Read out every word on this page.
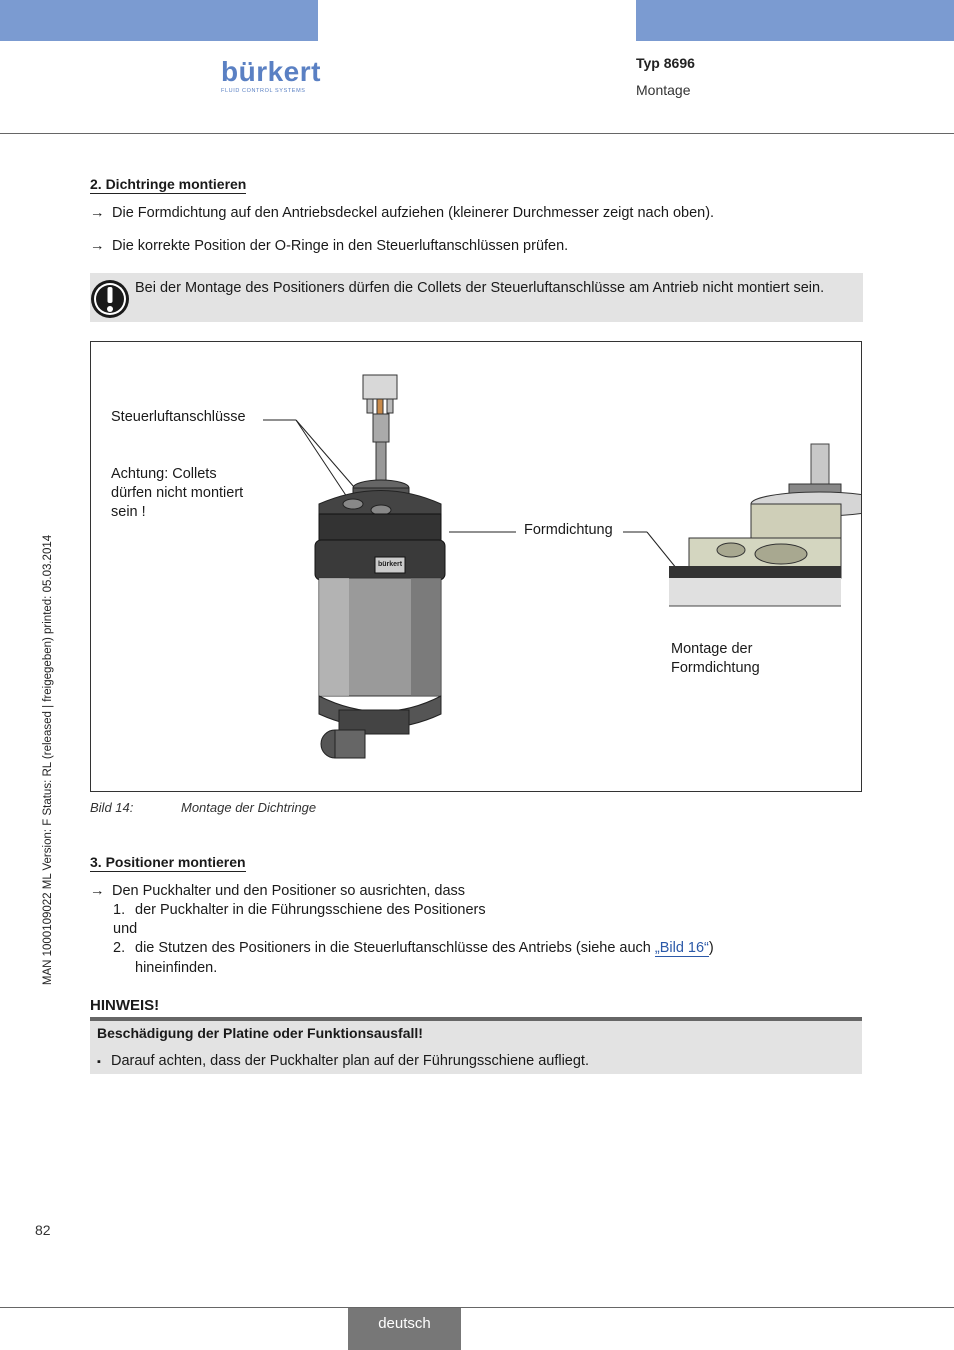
bürkert
FLUID CONTROL SYSTEMS
Typ 8696
Montage
2. Dichtringe montieren
→ Die Formdichtung auf den Antriebsdeckel aufziehen (kleinerer Durchmesser zeigt nach oben).
→ Die korrekte Position der O-Ringe in den Steuerluftanschlüssen prüfen.
Bei der Montage des Positioners dürfen die Collets der Steuerluftanschlüsse am Antrieb nicht montiert sein.
Steuerluftanschlüsse
Achtung: Collets dürfen nicht montiert sein !
bürkert
Formdichtung
Montage der Formdichtung
Bild 14:	Montage der Dichtringe
3. Positioner montieren
→ Den Puckhalter und den Positioner so ausrichten, dass
1. der Puckhalter in die Führungsschiene des Positioners
und
2. die Stutzen des Positioners in die Steuerluftanschlüsse des Antriebs (siehe auch „Bild 16“)
hineinfinden.
HINWEIS!
Beschädigung der Platine oder Funktionsausfall!
▪ Darauf achten, dass der Puckhalter plan auf der Führungsschiene aufliegt.
MAN 1000109022 ML Version: F Status: RL (released | freigegeben) printed: 05.03.2014
82
deutsch
